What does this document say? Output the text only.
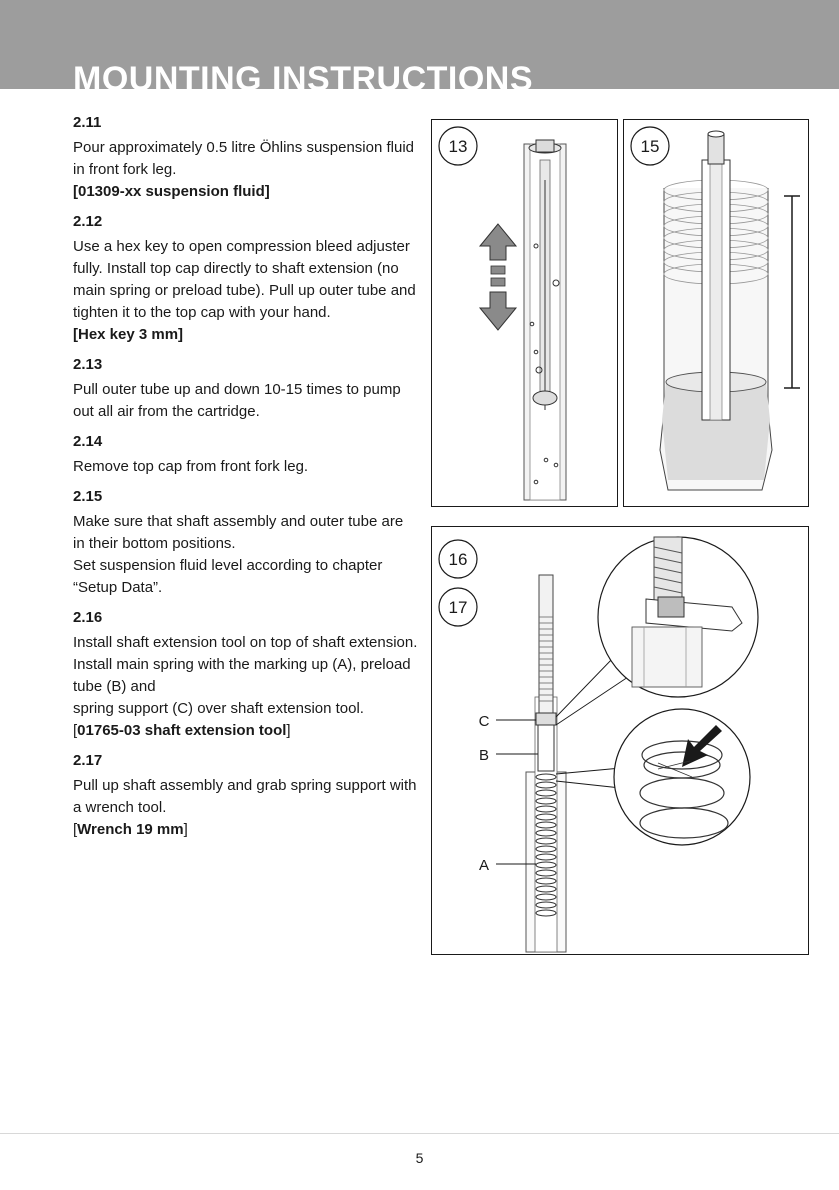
MOUNTING INSTRUCTIONS
2.11

Pour approximately 0.5 litre Öhlins suspension fluid in front fork leg.

[01309-xx suspension fluid]

2.12

Use a hex key to open compression bleed adjuster fully. Install top cap directly to shaft extension (no main spring or preload tube). Pull up outer tube and tighten it to the top cap with your hand.

[Hex key 3 mm]

2.13

Pull outer tube up and down 10-15 times to pump out all air from the cartridge.

2.14

Remove top cap from front fork leg.

2.15

Make sure that shaft assembly and outer tube are in their bottom positions.

Set suspension fluid level according to chapter “Setup Data”.

2.16

Install shaft extension tool on top of shaft extension.

Install main spring with the marking up (A), preload tube (B) and

spring support (C) over shaft extension tool.

[01765-03 shaft extension tool]

2.17

Pull up shaft assembly and grab spring support with a wrench tool.

[Wrench 19 mm]

13	15
16
17
C
B
A
5
